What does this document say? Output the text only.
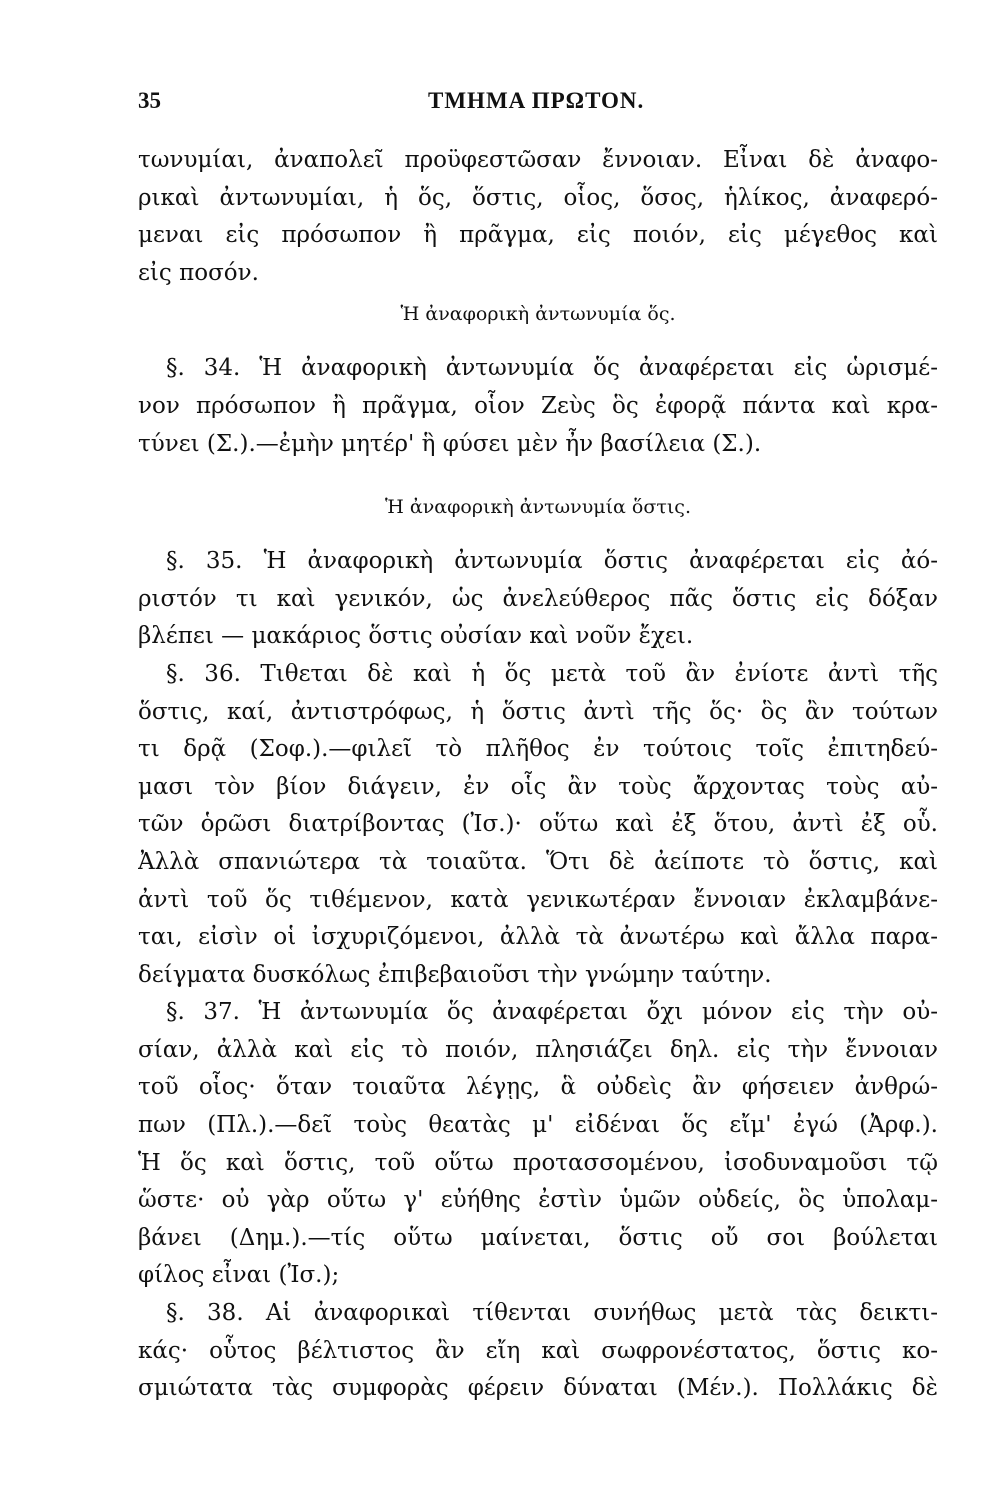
35	ΤΜΗΜΑ ΠΡΩΤΟΝ.
τωνυμίαι, ἀναπολεῖ προϋφεστῶσαν ἔννοιαν. Εἶναι δὲ ἀναφο-
ρικαὶ ἀντωνυμίαι, ἡ ὅς, ὅστις, οἷος, ὅσος, ἡλίκος, ἀναφερό-
μεναι εἰς πρόσωπον ἢ πρᾶγμα, εἰς ποιόν, εἰς μέγεθος καὶ
εἰς ποσόν.
Ἡ ἀναφορικὴ ἀντωνυμία ὅς.
§. 34. Ἡ ἀναφορικὴ ἀντωνυμία ὅς ἀναφέρεται εἰς ὡρισμέ-
νον πρόσωπον ἢ πρᾶγμα, οἷον Ζεὺς ὃς ἐφορᾷ πάντα καὶ κρα-
τύνει (Σ.).—ἐμὴν μητέρ' ἣ φύσει μὲν ἦν βασίλεια (Σ.).
Ἡ ἀναφορικὴ ἀντωνυμία ὅστις.
§. 35. Ἡ ἀναφορικὴ ἀντωνυμία ὅστις ἀναφέρεται εἰς ἀό-
ριστόν τι καὶ γενικόν, ὡς ἀνελεύθερος πᾶς ὅστις εἰς δόξαν
βλέπει — μακάριος ὅστις οὐσίαν καὶ νοῦν ἔχει.
§. 36. Τιθεται δὲ καὶ ἡ ὅς μετὰ τοῦ ἂν ἐνίοτε ἀντὶ τῆς
ὅστις, καί, ἀντιστρόφως, ἡ ὅστις ἀντὶ τῆς ὅς· ὃς ἂν τούτων
τι δρᾷ (Σοφ.).—φιλεῖ τὸ πλῆθος ἐν τούτοις τοῖς ἐπιτηδεύ-
μασι τὸν βίον διάγειν, ἐν οἷς ἂν τοὺς ἄρχοντας τοὺς αὐ-
τῶν ὁρῶσι διατρίβοντας (Ἰσ.)· οὕτω καὶ ἐξ ὅτου, ἀντὶ ἐξ οὗ.
Ἀλλὰ σπανιώτερα τὰ τοιαῦτα. Ὅτι δὲ ἀείποτε τὸ ὅστις, καὶ
ἀντὶ τοῦ ὅς τιθέμενον, κατὰ γενικωτέραν ἔννοιαν ἐκλαμβάνε-
ται, εἰσὶν οἱ ἰσχυριζόμενοι, ἀλλὰ τὰ ἀνωτέρω καὶ ἄλλα παρα-
δείγματα δυσκόλως ἐπιβεβαιοῦσι τὴν γνώμην ταύτην.
§. 37. Ἡ ἀντωνυμία ὅς ἀναφέρεται ὄχι μόνον εἰς τὴν οὐ-
σίαν, ἀλλὰ καὶ εἰς τὸ ποιόν, πλησιάζει δηλ. εἰς τὴν ἔννοιαν
τοῦ οἷος· ὅταν τοιαῦτα λέγῃς, ἃ οὐδεὶς ἂν φήσειεν ἀνθρώ-
πων (Πλ.).—δεῖ τοὺς θεατὰς μ' εἰδέναι ὅς εἴμ' ἐγώ (Ἀρφ.).
Ἡ ὅς καὶ ὅστις, τοῦ οὕτω προτασσομένου, ἰσοδυναμοῦσι τῷ
ὥστε· οὐ γὰρ οὕτω γ' εὐήθης ἐστὶν ὑμῶν οὐδείς, ὃς ὑπολαμ-
βάνει (Δημ.).—τίς οὕτω μαίνεται, ὅστις οὔ σοι βούλεται
φίλος εἶναι (Ἰσ.);
§. 38. Αἱ ἀναφορικαὶ τίθενται συνήθως μετὰ τὰς δεικτι-
κάς· οὗτος βέλτιστος ἂν εἴη καὶ σωφρονέστατος, ὅστις κο-
σμιώτατα τὰς συμφορὰς φέρειν δύναται (Μέν.). Πολλάκις δὲ
